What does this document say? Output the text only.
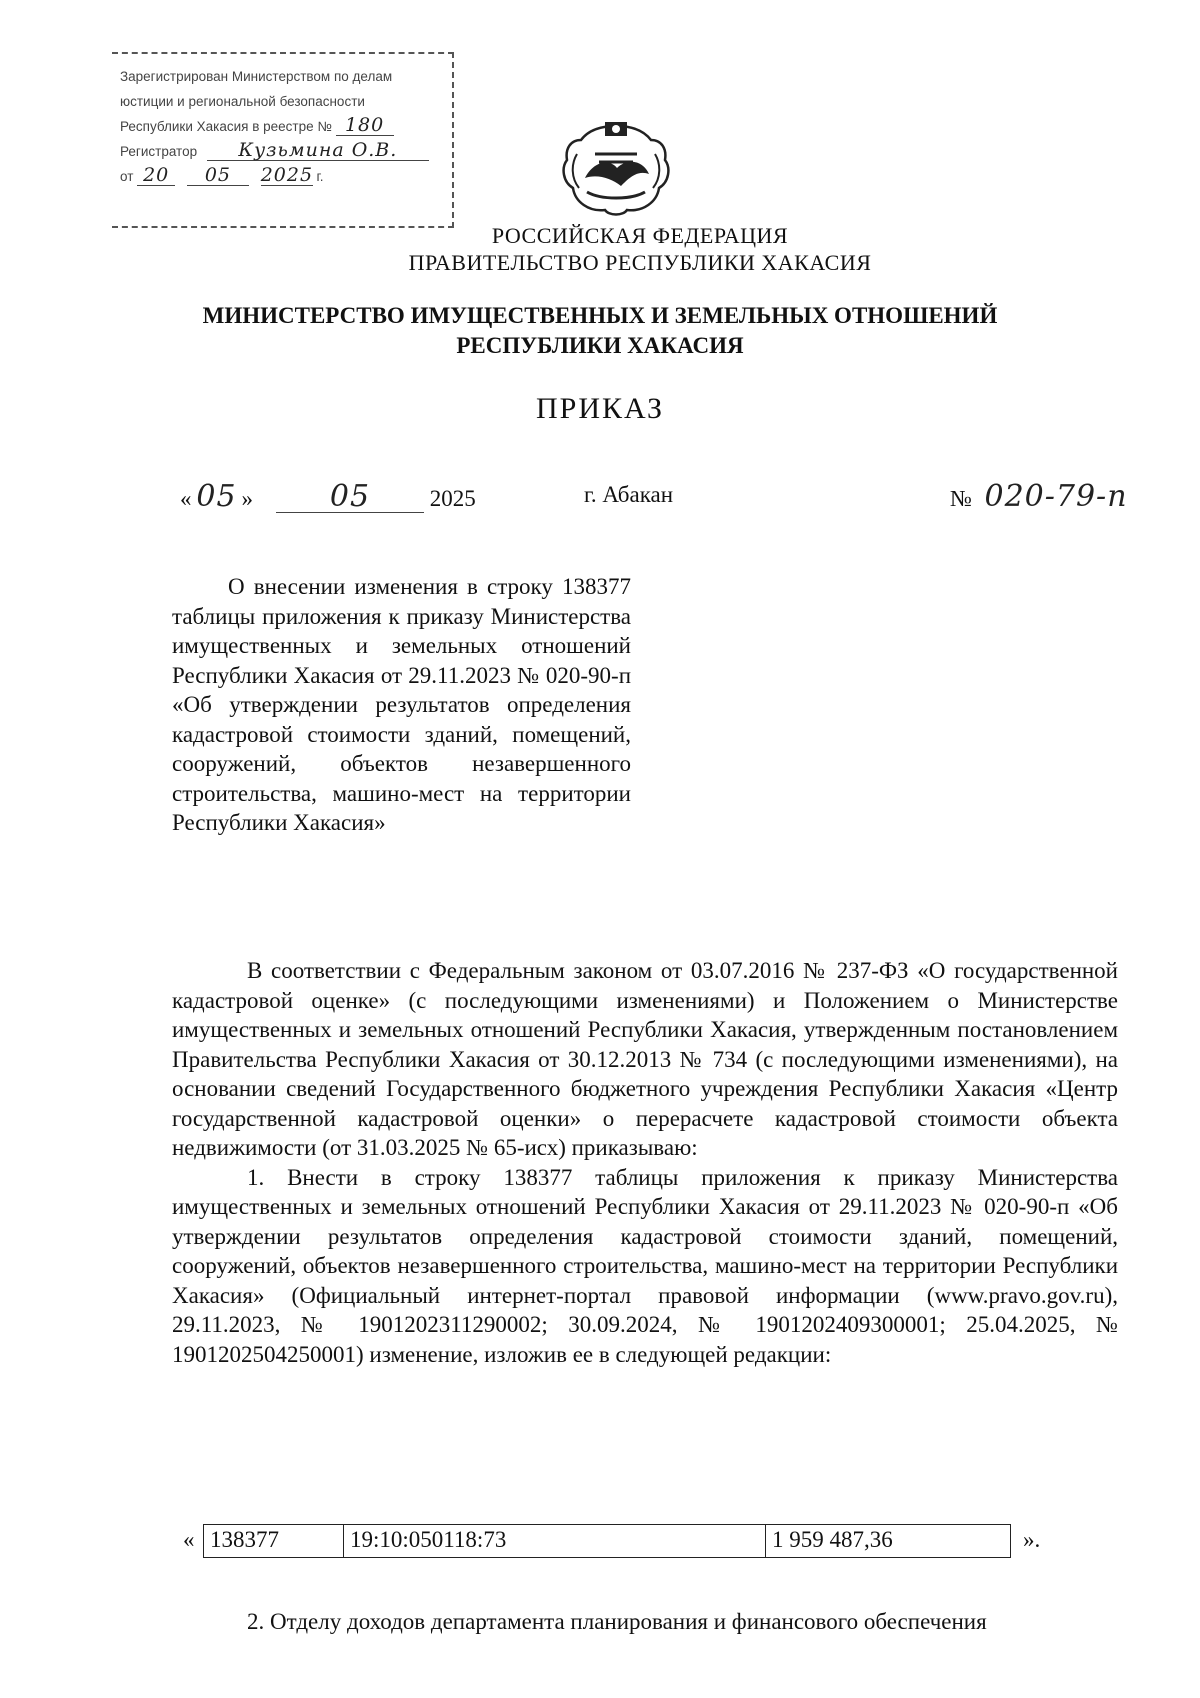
Зарегистрирован Министерством по делам
юстиции и региональной безопасности
Республики Хакасия в реестре № 180
Регистратор Кузьмина О.В.
от 20 05 2025 г.
РОССИЙСКАЯ ФЕДЕРАЦИЯ
ПРАВИТЕЛЬСТВО РЕСПУБЛИКИ ХАКАСИЯ
МИНИСТЕРСТВО ИМУЩЕСТВЕННЫХ И ЗЕМЕЛЬНЫХ ОТНОШЕНИЙ
РЕСПУБЛИКИ ХАКАСИЯ
ПРИКАЗ
« 05 »	05	2025	г. Абакан	№ 020-79-п
О внесении изменения в строку 138377 таблицы приложения к приказу Министерства имущественных и земельных отношений Республики Хакасия от 29.11.2023 № 020-90-п «Об утверждении результатов определения кадастровой стоимости зданий, помещений, сооружений, объектов незавершенного строительства, машино-мест на территории Республики Хакасия»

В соответствии с Федеральным законом от 03.07.2016 № 237-ФЗ «О государственной кадастровой оценке» (с последующими изменениями) и Положением о Министерстве имущественных и земельных отношений Республики Хакасия, утвержденным постановлением Правительства Республики Хакасия от 30.12.2013 № 734 (с последующими изменениями), на основании сведений Государственного бюджетного учреждения Республики Хакасия «Центр государственной кадастровой оценки» о перерасчете кадастровой стоимости объекта недвижимости (от 31.03.2025 № 65-исх) приказываю:

1. Внести в строку 138377 таблицы приложения к приказу Министерства имущественных и земельных отношений Республики Хакасия от 29.11.2023 № 020-90-п «Об утверждении результатов определения кадастровой стоимости зданий, помещений, сооружений, объектов незавершенного строительства, машино-мест на территории Республики Хакасия» (Официальный интернет-портал правовой информации (www.pravo.gov.ru), 29.11.2023, № 1901202311290002; 30.09.2024, № 1901202409300001; 25.04.2025, № 1901202504250001) изменение, изложив ее в следующей редакции:

« 138377	19:10:050118:73	1 959 487,36	».
2. Отделу доходов департамента планирования и финансового обеспечения
